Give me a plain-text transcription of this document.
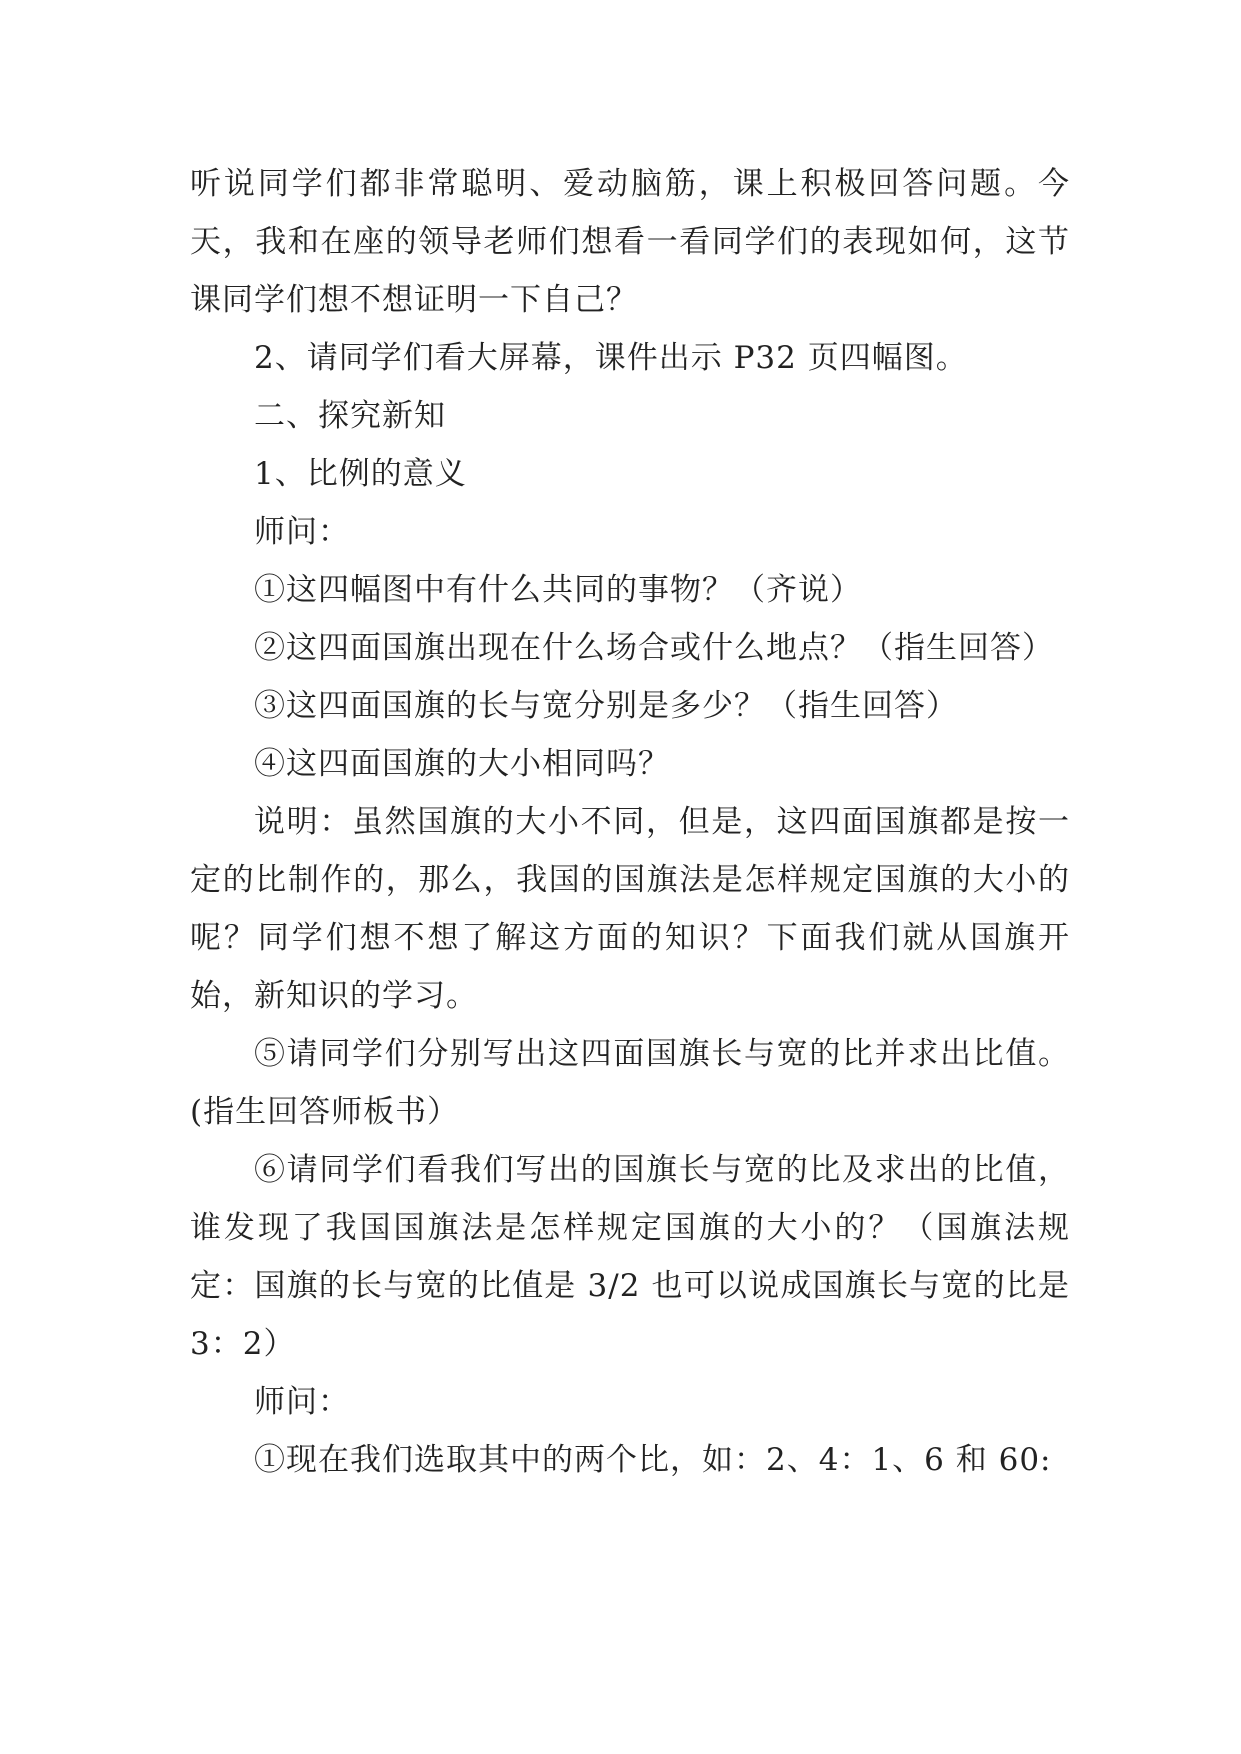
听说同学们都非常聪明、爱动脑筋，课上积极回答问题。今天，我和在座的领导老师们想看一看同学们的表现如何，这节课同学们想不想证明一下自己？

2、请同学们看大屏幕，课件出示 P32 页四幅图。

二、探究新知

1、比例的意义

师问：

①这四幅图中有什么共同的事物？（齐说）

②这四面国旗出现在什么场合或什么地点？（指生回答）

③这四面国旗的长与宽分别是多少？（指生回答）

④这四面国旗的大小相同吗？

说明：虽然国旗的大小不同，但是，这四面国旗都是按一定的比制作的，那么，我国的国旗法是怎样规定国旗的大小的呢？同学们想不想了解这方面的知识？下面我们就从国旗开始，新知识的学习。

⑤请同学们分别写出这四面国旗长与宽的比并求出比值。(指生回答师板书）

⑥请同学们看我们写出的国旗长与宽的比及求出的比值，谁发现了我国国旗法是怎样规定国旗的大小的？（国旗法规定：国旗的长与宽的比值是 3/2 也可以说成国旗长与宽的比是 3：2）

师问：

①现在我们选取其中的两个比，如：2、4：1、6 和 60:
